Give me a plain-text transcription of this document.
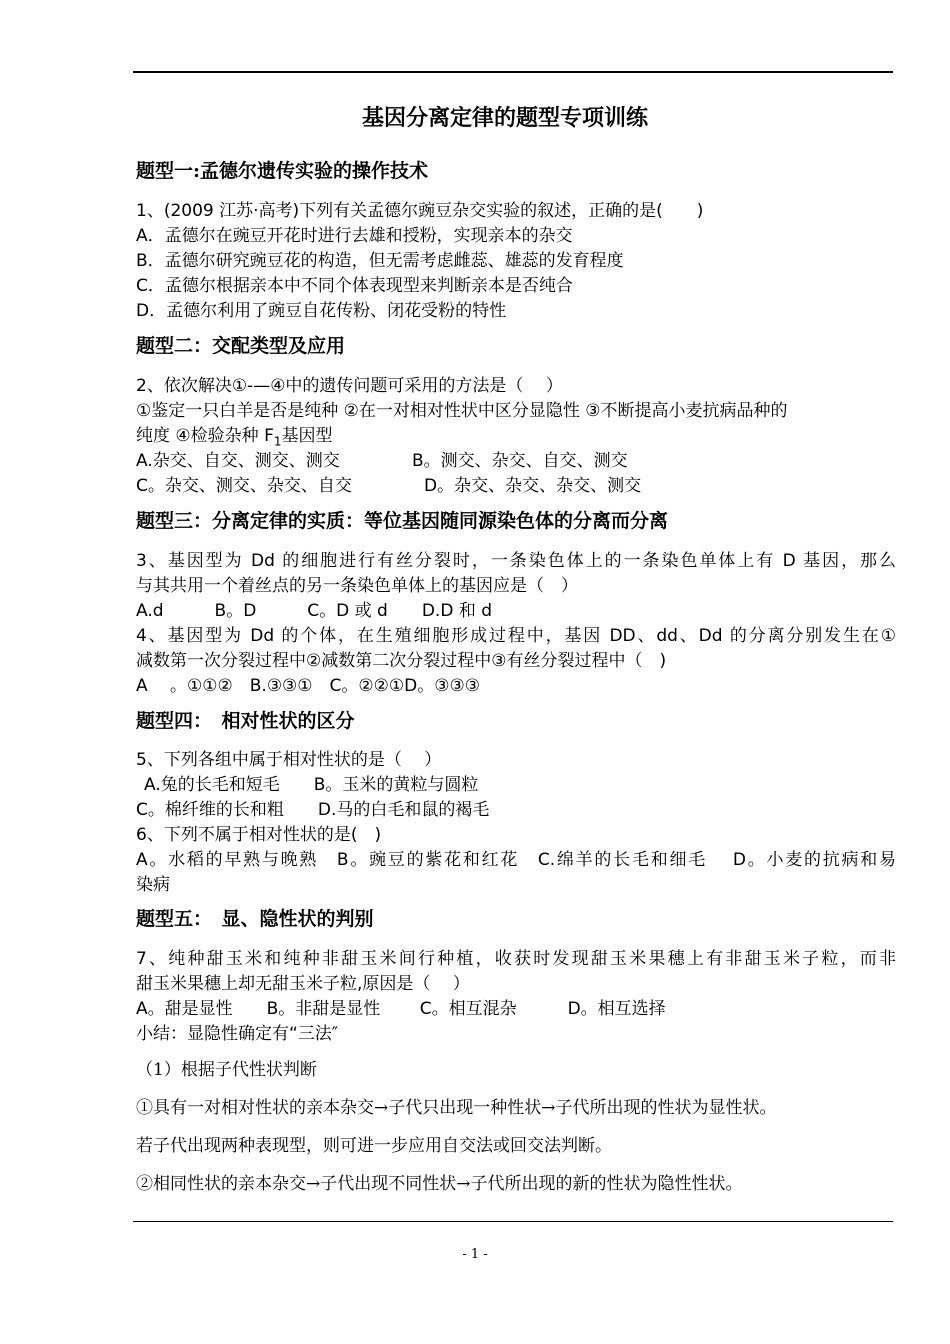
基因分离定律的题型专项训练
题型一:孟德尔遗传实验的操作技术
1、(2009 江苏·高考)下列有关孟德尔豌豆杂交实验的叙述，正确的是(　　)
A．孟德尔在豌豆开花时进行去雄和授粉，实现亲本的杂交
B．孟德尔研究豌豆花的构造，但无需考虑雌蕊、雄蕊的发育程度
C．孟德尔根据亲本中不同个体表现型来判断亲本是否纯合
D．孟德尔利用了豌豆自花传粉、闭花受粉的特性
题型二：交配类型及应用
2、依次解决①-—④中的遗传问题可采用的方法是（　 ）
①鉴定一只白羊是否是纯种 ②在一对相对性状中区分显隐性 ③不断提高小麦抗病品种的
纯度 ④检验杂种 $F_1$基因型
A.杂交、自交、测交、测交	B。测交、杂交、自交、测交
C。杂交、测交、杂交、自交	D。杂交、杂交、杂交、测交
题型三：分离定律的实质：等位基因随同源染色体的分离而分离
3、基因型为 Dd 的细胞进行有丝分裂时，一条染色体上的一条染色单体上有 D 基因，那么
与其共用一个着丝点的另一条染色单体上的基因应是（　）
A.d　　　B。D　　　C。D 或 d　　D.D 和 d
4、基因型为 Dd 的个体，在生殖细胞形成过程中，基因 DD、dd、Dd 的分离分别发生在①
减数第一次分裂过程中②减数第二次分裂过程中③有丝分裂过程中（　)
A 　。①①②　B.③③①　C。②②①D。③③③
题型四：　相对性状的区分
5、下列各组中属于相对性状的是（　 ）
A.兔的长毛和短毛　　B。玉米的黄粒与圆粒
C。棉纤维的长和粗　　D.马的白毛和鼠的褐毛
6、下列不属于相对性状的是(　)
A。水稻的早熟与晚熟　B。豌豆的紫花和红花　C.绵羊的长毛和细毛　 D。小麦的抗病和易
染病
题型五：　显、隐性状的判别
7、纯种甜玉米和纯种非甜玉米间行种植，收获时发现甜玉米果穗上有非甜玉米子粒，而非
甜玉米果穗上却无甜玉米子粒,原因是（　 ）
A。甜是显性　　B。非甜是显性　　 C。相互混杂　　　D。相互选择
小结：显隐性确定有“三法″
（1）根据子代性状判断
①具有一对相对性状的亲本杂交→子代只出现一种性状→子代所出现的性状为显性状。
若子代出现两种表现型，则可进一步应用自交法或回交法判断。
②相同性状的亲本杂交→子代出现不同性状→子代所出现的新的性状为隐性性状。
- 1 -
